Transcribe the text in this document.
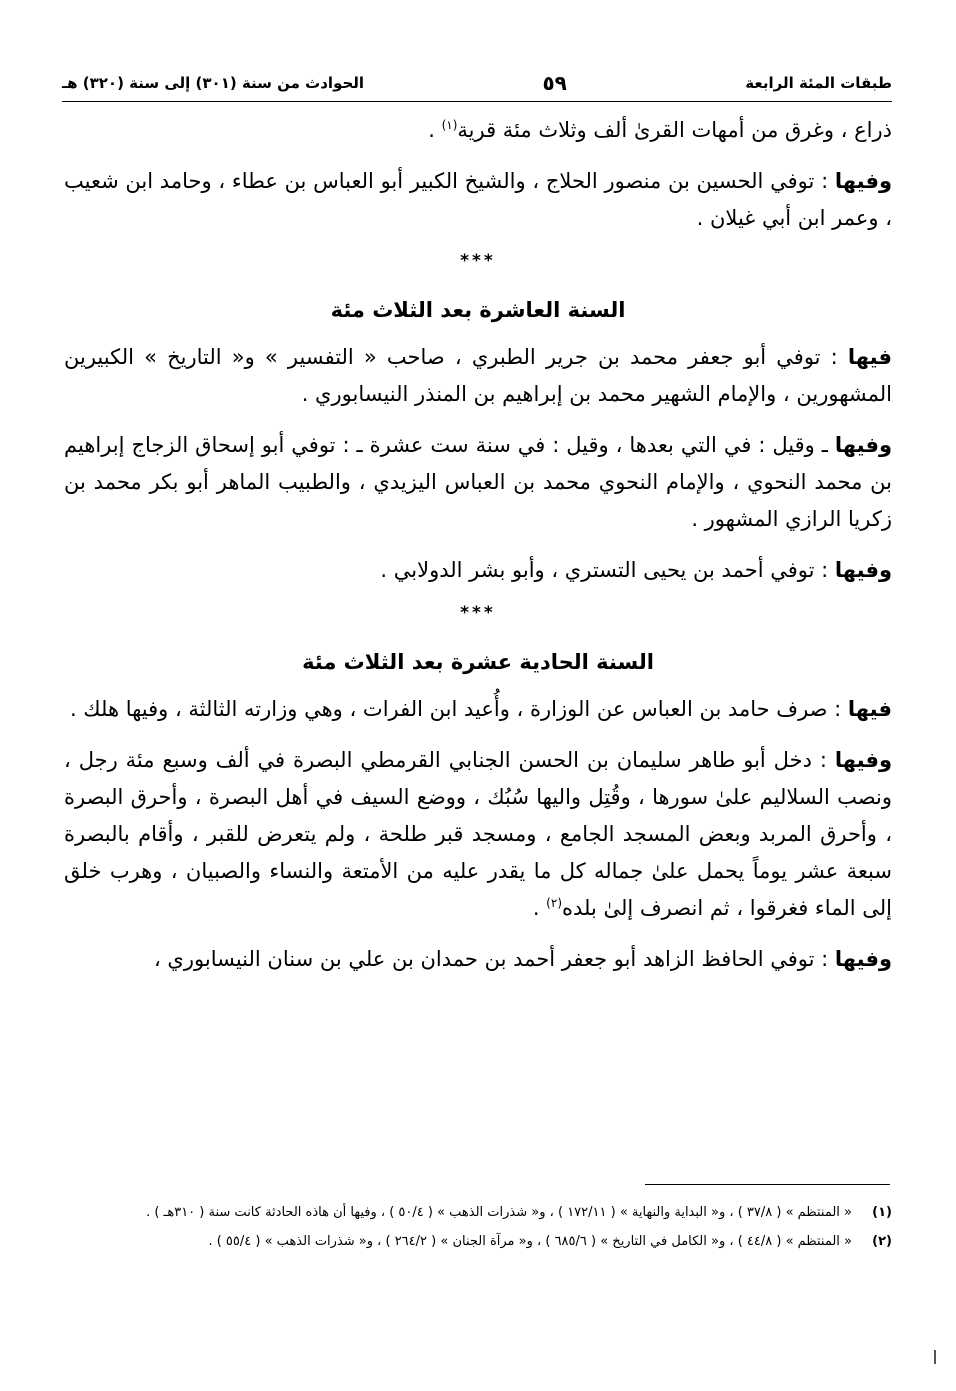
طبقات المئة الرابعة
٥٩
الحوادث من سنة (٣٠١) إلى سنة (٣٢٠) هـ

ذراع ، وغرق من أمهات القرىٰ ألف وثلاث مئة قرية$^{(١)}$ .

وفيها : توفي الحسين بن منصور الحلاج ، والشيخ الكبير أبو العباس بن عطاء ، وحامد ابن شعيب ، وعمر ابن أبي غيلان .

***
السنة العاشرة بعد الثلاث مئة

فيها : توفي أبو جعفر محمد بن جرير الطبري ، صاحب « التفسير » و« التاريخ » الكبيرين المشهورين ، والإمام الشهير محمد بن إبراهيم بن المنذر النيسابوري .

وفيها ـ وقيل : في التي بعدها ، وقيل : في سنة ست عشرة ـ : توفي أبو إسحاق الزجاج إبراهيم بن محمد النحوي ، والإمام النحوي محمد بن العباس اليزيدي ، والطبيب الماهر أبو بكر محمد بن زكريا الرازي المشهور .

وفيها : توفي أحمد بن يحيى التستري ، وأبو بشر الدولابي .

***
السنة الحادية عشرة بعد الثلاث مئة

فيها : صرف حامد بن العباس عن الوزارة ، وأُعيد ابن الفرات ، وهي وزارته الثالثة ، وفيها هلك .

وفيها : دخل أبو طاهر سليمان بن الحسن الجنابي القرمطي البصرة في ألف وسبع مئة رجل ، ونصب السلاليم علىٰ سورها ، وقُتِل واليها سُبُك ، ووضع السيف في أهل البصرة ، وأحرق البصرة ، وأحرق المربد وبعض المسجد الجامع ، ومسجد قبر طلحة ، ولم يتعرض للقبر ، وأقام بالبصرة سبعة عشر يوماً يحمل علىٰ جماله كل ما يقدر عليه من الأمتعة والنساء والصبيان ، وهرب خلق إلى الماء فغرقوا ، ثم انصرف إلىٰ بلده$^{(٢)}$ .

وفيها : توفي الحافظ الزاهد أبو جعفر أحمد بن حمدان بن علي بن سنان النيسابوري ،

(١)
« المنتظم » ( ٣٧/٨ ) ، و« البداية والنهاية » ( ١٧٢/١١ ) ، و« شذرات الذهب » ( ٥٠/٤ ) ، وفيها أن هاذه الحادثة كانت سنة ( ٣١٠هـ ) .
(٢)
« المنتظم » ( ٤٤/٨ ) ، و« الكامل في التاريخ » ( ٦٨٥/٦ ) ، و« مرآة الجنان » ( ٢٦٤/٢ ) ، و« شذرات الذهب » ( ٥٥/٤ ) .
